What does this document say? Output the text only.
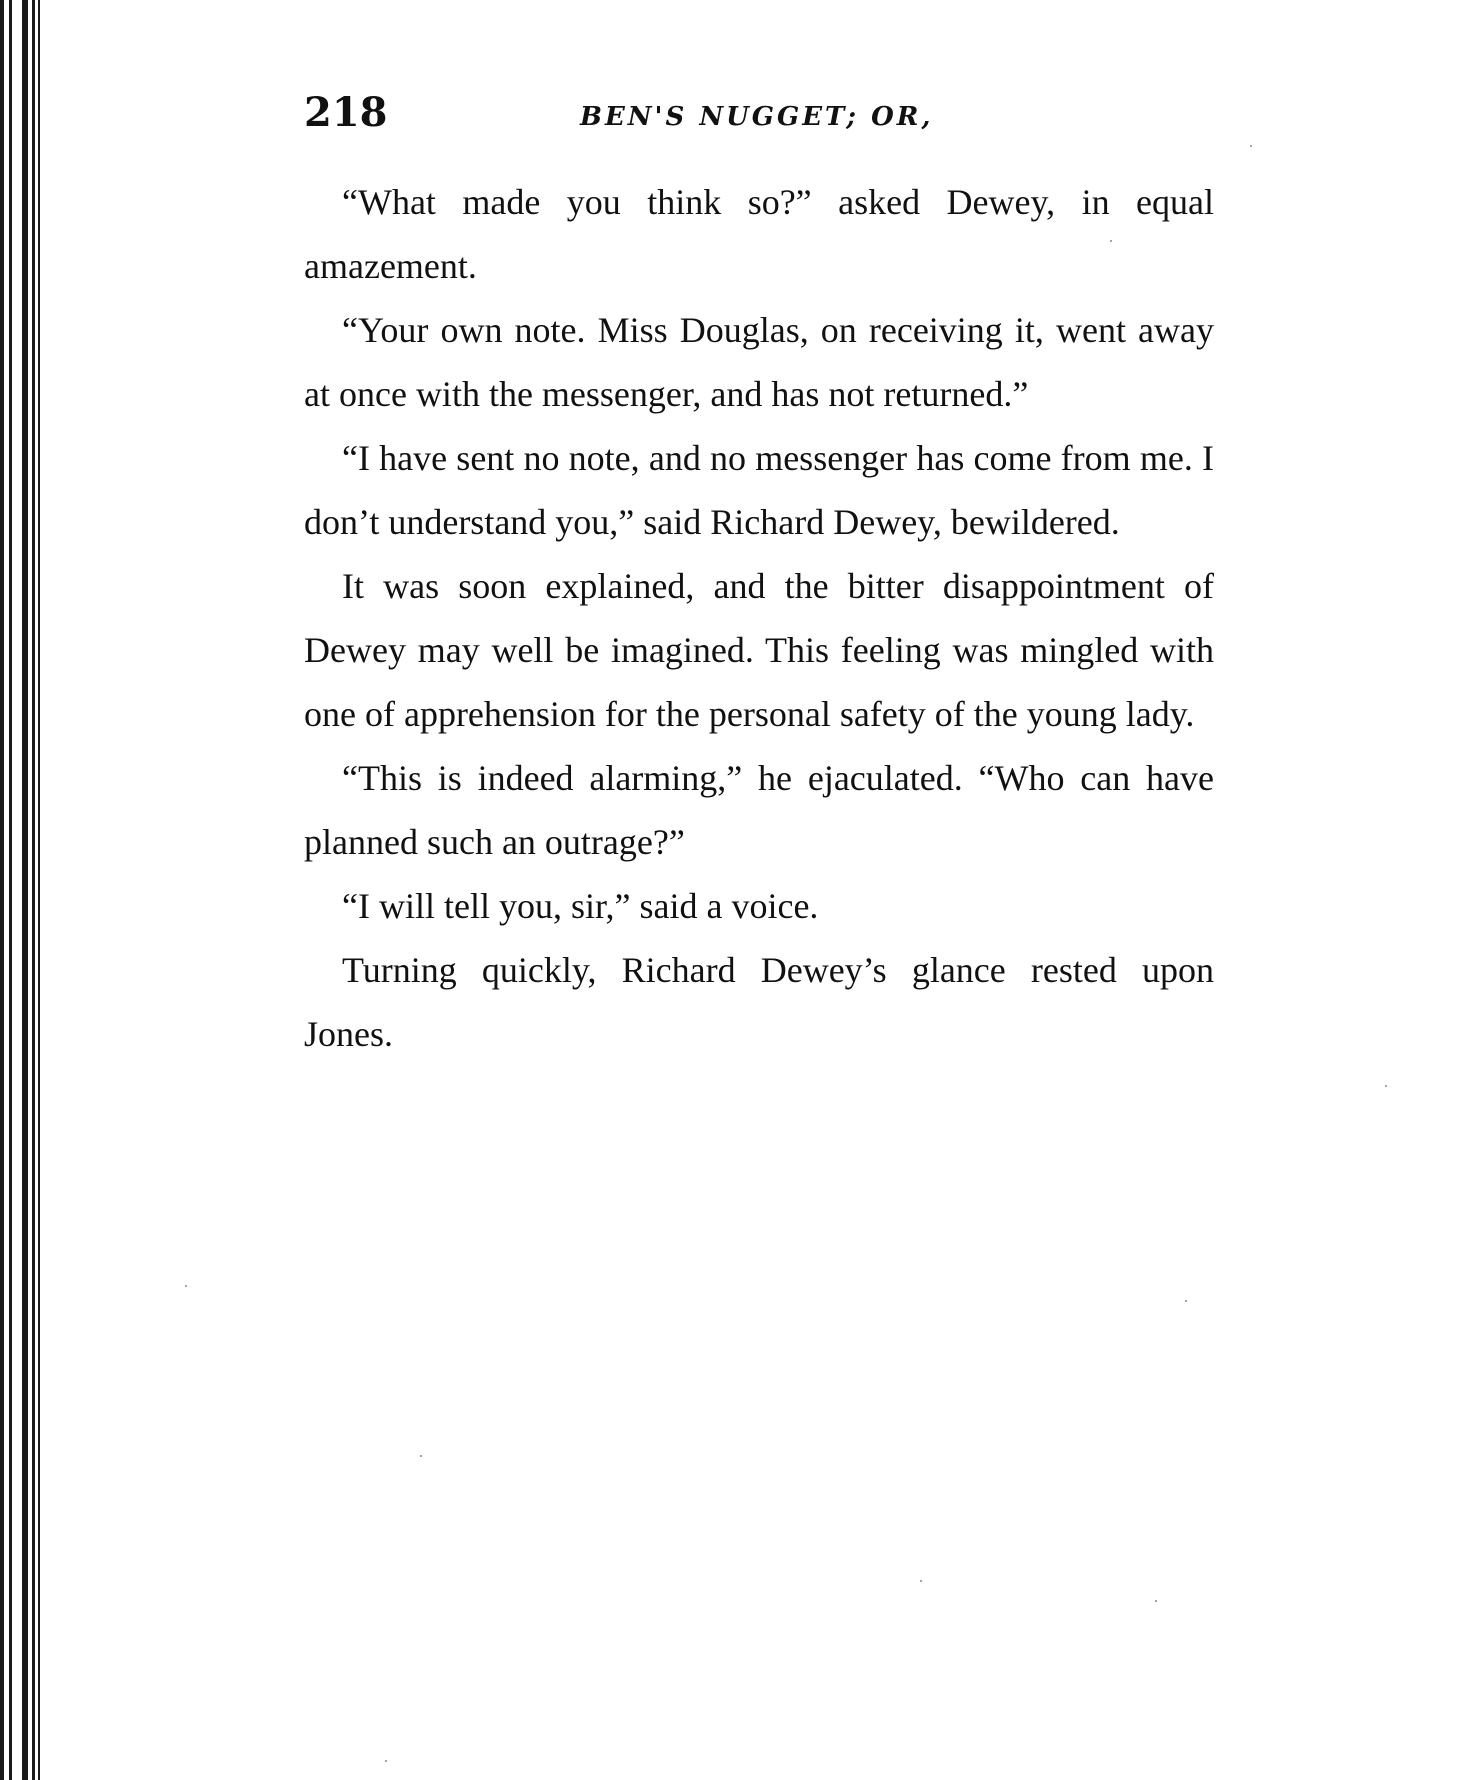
218	BEN'S NUGGET; OR,

“What made you think so?” asked Dewey, in equal amazement.

“Your own note. Miss Douglas, on receiving it, went away at once with the messenger, and has not returned.”

“I have sent no note, and no messenger has come from me. I don’t understand you,” said Richard Dewey, bewildered.

It was soon explained, and the bitter disappointment of Dewey may well be imagined. This feeling was mingled with one of apprehension for the personal safety of the young lady.

“This is indeed alarming,” he ejaculated. “Who can have planned such an outrage?”

“I will tell you, sir,” said a voice.

Turning quickly, Richard Dewey’s glance rested upon Jones.
